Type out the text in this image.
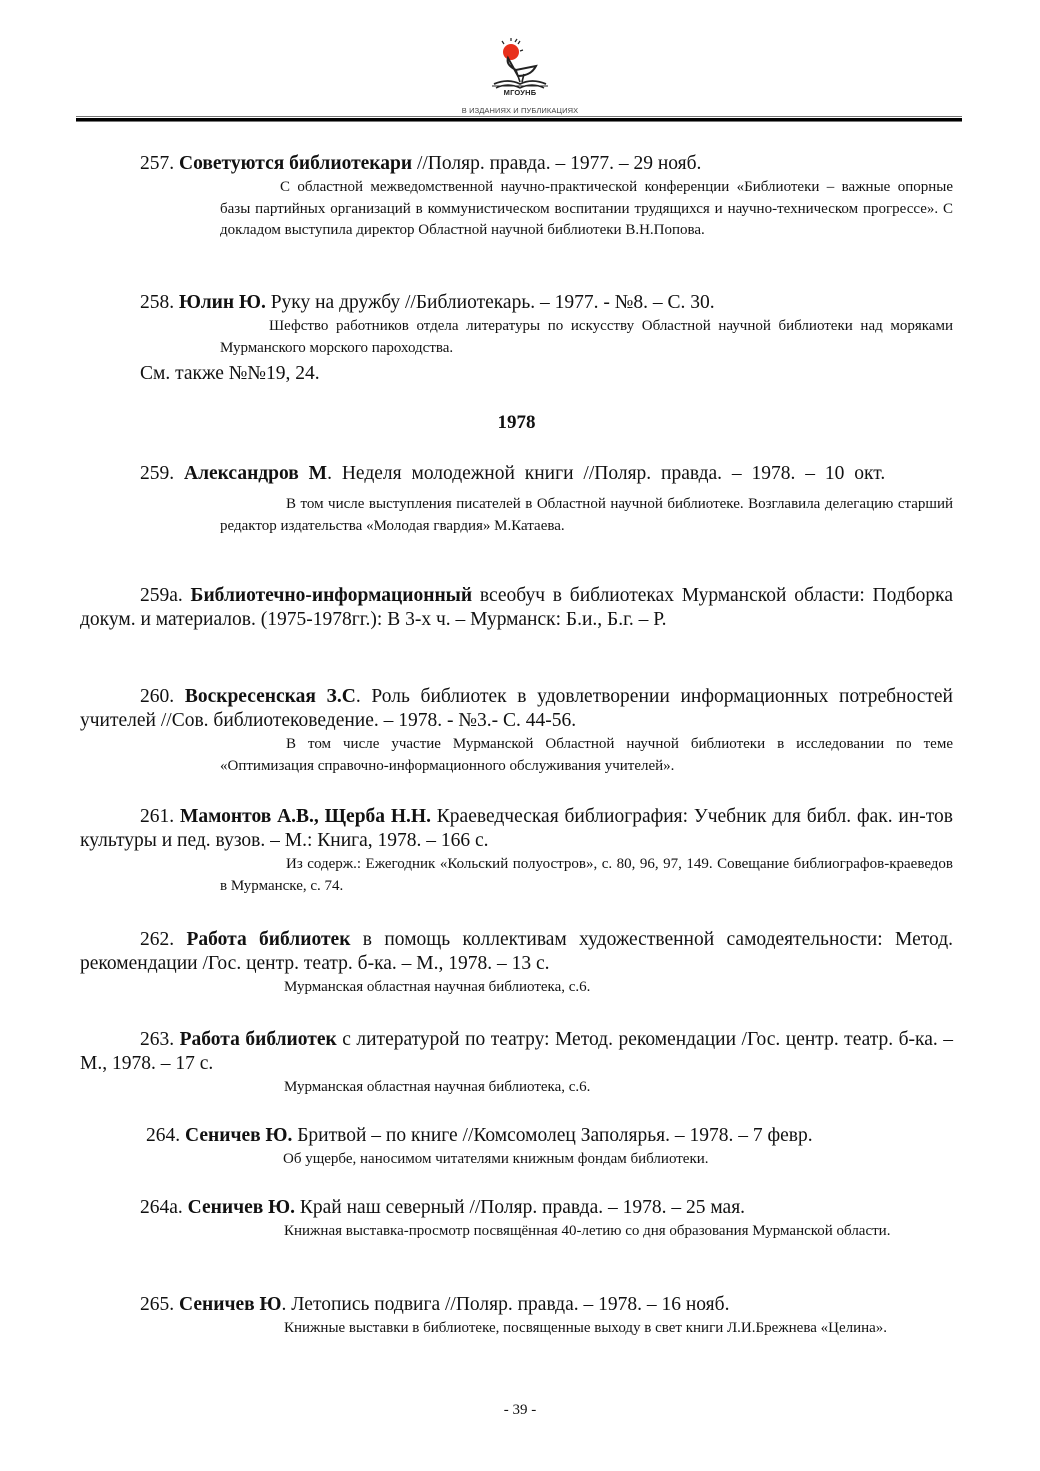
МГОУНБ
В ИЗДАНИЯХ И ПУБЛИКАЦИЯХ
257. Советуются библиотекари //Поляр. правда. – 1977. – 29 нояб.
С областной межведомственной научно-практической конференции «Библиотеки – важные опорные базы партийных организаций в коммунистическом воспитании трудящихся и научно-техническом прогрессе». С докладом выступила директор Областной научной библиотеки В.Н.Попова.
258. Юлин Ю. Руку на дружбу //Библиотекарь. – 1977. - №8. – С. 30.
Шефство работников отдела литературы по искусству Областной научной библиотеки над моряками Мурманского морского пароходства.
См. также №№19, 24.
1978
259. Александров М. Неделя молодежной книги //Поляр. правда. – 1978. – 10 окт.
В том числе выступления писателей в Областной научной библиотеке. Возглавила делегацию старший редактор издательства «Молодая гвардия» М.Катаева.
259а. Библиотечно-информационный всеобуч в библиотеках Мурманской области: Подборка докум. и материалов. (1975-1978гг.): В 3-х ч. – Мурманск: Б.и., Б.г. – Р.
260. Воскресенская З.С. Роль библиотек в удовлетворении информационных потребностей учителей //Сов. библиотековедение. – 1978. - №3.- С. 44-56.
В том числе участие Мурманской Областной научной библиотеки в исследовании по теме «Оптимизация справочно-информационного обслуживания учителей».
261. Мамонтов А.В., Щерба Н.Н. Краеведческая библиография: Учебник для библ. фак. ин-тов культуры и пед. вузов. – М.: Книга, 1978. – 166 с.
Из содерж.: Ежегодник «Кольский полуостров», с. 80, 96, 97, 149. Совещание библиографов-краеведов в Мурманске, с. 74.
262. Работа библиотек в помощь коллективам художественной самодеятельности: Метод. рекомендации /Гос. центр. театр. б-ка. – М., 1978. – 13 с.
Мурманская областная научная библиотека, с.6.
263. Работа библиотек с литературой по театру: Метод. рекомендации /Гос. центр. театр. б-ка. – М., 1978. – 17 с.
Мурманская областная научная библиотека, с.6.
264. Сеничев Ю. Бритвой – по книге //Комсомолец Заполярья. – 1978. – 7 февр.
Об ущербе, наносимом читателями книжным фондам библиотеки.
264а. Сеничев Ю. Край наш северный //Поляр. правда. – 1978. – 25 мая.
Книжная выставка-просмотр посвящённая 40-летию со дня образования Мурманской области.
265. Сеничев Ю. Летопись подвига //Поляр. правда. – 1978. – 16 нояб.
Книжные выставки в библиотеке, посвященные выходу в свет книги Л.И.Брежнева «Целина».
- 39 -
